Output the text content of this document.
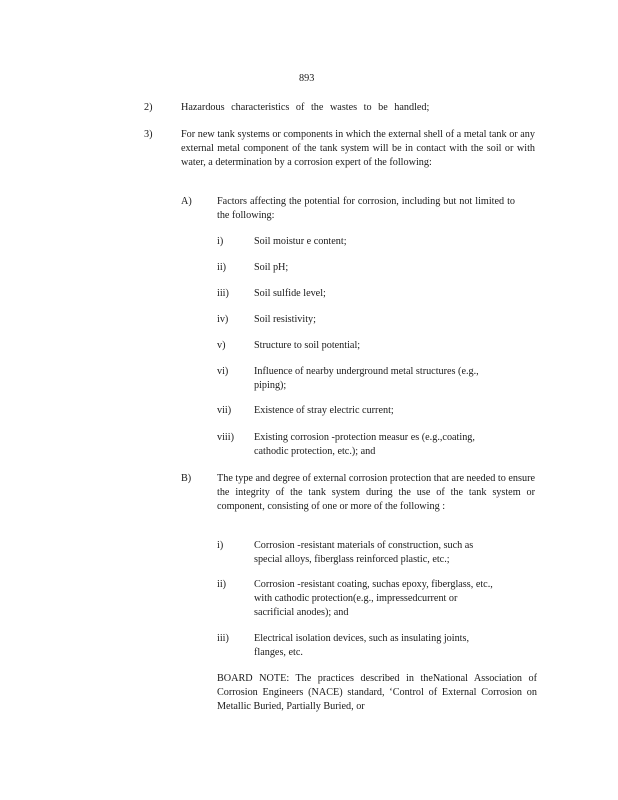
893
2)	Hazardous characteristics of the wastes to be handled;
3)	For new tank systems or components in which the external shell of a metal tank or any external metal component of the tank system will be in contact with the soil or with water, a determination by a corrosion expert of the following:
A) Factors affecting the potential for corrosion, including but not limited to the following:
i)	Soil moistur e content;
ii)	Soil pH;
iii) Soil sulfide level;
iv)	Soil resistivity;
v)	Structure to soil potential;
vi)	Influence of nearby underground metal structures (e.g.,
piping);
vii) Existence of stray electric current;
viii) Existing corrosion -protection measur es (e.g.,coating,
cathodic protection, etc.); and
B)	The type and degree of external corrosion protection that are needed to ensure the integrity of the tank system during the use of the tank system or component, consisting of one or more of the following :
i)	Corrosion -resistant materials of construction, such as
special alloys, fiberglass reinforced plastic, etc.;
ii)	Corrosion -resistant coating, suchas epoxy, fiberglass, etc.,
with cathodic protection(e.g., impressedcurrent or
sacrificial anodes); and
iii) Electrical isolation devices, such as insulating joints,
flanges, etc.
BOARD NOTE: The practices described in theNational Association of Corrosion Engineers (NACE) standard, ‘Control of External Corrosion on Metallic Buried, Partially Buried, or
